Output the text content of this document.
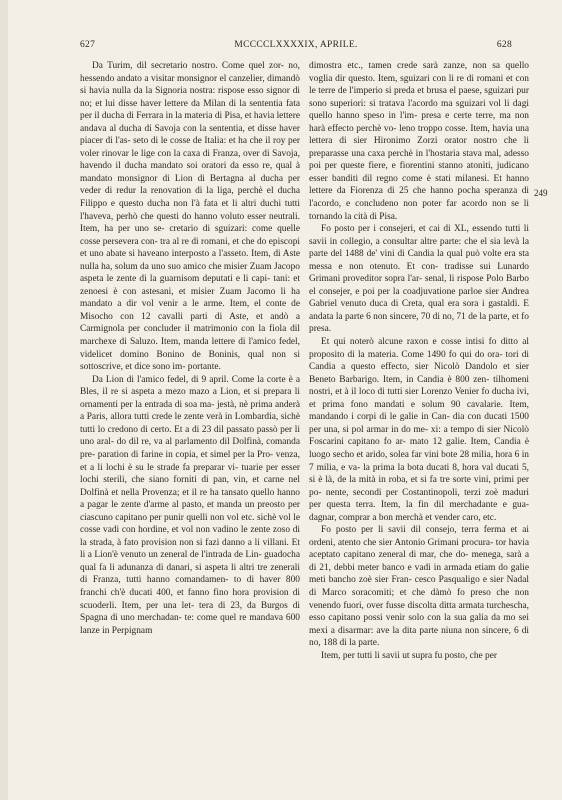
627	MCCCCLXXXXIX, APRILE.	628

Da Turim, dil secretario nostro. Come quel zor- no, hessendo andato a visitar monsignor el canzelier, dimandò si havia nulla da la Signoria nostra: rispose esso signor di no; et lui disse haver lettere da Milan di la sententia fata per il ducha di Ferrara in la materia di Pisa, et havia lettere andava al ducha di Savoja con la sententia, et disse haver piacer di l'as- seto di le cosse de Italia: et ha che il roy per voler rinovar le lige con la caxa di Franza, over di Savoja, havendo il ducha mandato soi oratori da esso re, qual à mandato monsignor di Lion di Bertagna al ducha per veder di redur la renovation di la liga, perchè el ducha Filippo e questo ducha non l'à fata et li altri duchi tutti l'haveva, perhò che questi do hanno voluto esser neutrali. Item, ha per uno se- cretario di sguizari: come quelle cosse persevera con- tra al re di romani, et che do episcopi et uno abate si haveano interposto a l'asseto. Item, di Aste nulla ha, solum da uno suo amico che misier Zuam Jacopo aspeta le zente di la guarnisom deputati e li capi- tani: et zenoesi è con astesani, et misier Zuam Jacomo li ha mandato a dir vol venir a le arme. Item, el conte de Misocho con 12 cavalli parti di Aste, et andò a Carmignola per concluder il matrimonio con la fiola dil marchexe di Saluzo. Item, manda lettere di l'amico fedel, videlicet domino Bonino de Boninis, qual non si sottoscrive, et dice sono im- portante.

Da Lion di l'amico fedel, di 9 april. Come la corte è a Bles, il re si aspeta a mezo mazo a Lion, et si prepara li ornamenti per la entrada di soa ma- jestà, nè prima anderà a Paris, allora tutti crede le zente verà in Lombardia, sichè tutti lo credono di certo. Et a di 23 dil passato passò per li uno aral- do dil re, va al parlamento dil Dolfinà, comanda pre- paration di farine in copia, et simel per la Pro- venza, et a li lochi è su le strade fa preparar vi- tuarie per esser lochi sterili, che siano forniti di pan, vin, et carne nel Dolfinà et nella Provenza; et il re ha tansato quello hanno a pagar le zente d'arme al pasto, et manda un preosto per ciascuno capitano per punir quelli non vol etc. sichè vol le cosse vadi con hordine, et vol non vadino le zente zoso di la strada, à fato provision non si fazi danno a li villani. Et li a Lion'è venuto un zeneral de l'intrada de Lin- guadocha qual fa li adunanza di danari, si aspeta li altri tre zenerali di Franza, tutti hanno comandamen- to di haver 800 franchi ch'è ducati 400, et fanno fino hora provision di scuoderli. Item, per una let- tera di 23, da Burgos di Spagna di uno merchadan- te: come quel re mandava 600 lanze in Perpignam

dimostra etc., tamen crede sarà zanze, non sa quello voglia dir questo. Item, sguizari con li re di romani et con le terre de l'imperio si preda et brusa el paese, sguizari pur sono superiori: si tratava l'acordo ma sguizari vol li dagi quello hanno speso in l'im- presa e certe terre, ma non harà effecto perchè vo- leno troppo cosse. Item, havia una lettera di sier Hironimo Zorzi orator nostro che li preparasse una caxa perchè in l'hostaria stava mal, adesso poi per queste fiere, e fiorentini stanno atoniti, judicano esser banditi dil regno come è stati milanesi. Et hanno lettere da Fiorenza di 25 che hanno pocha speranza di l'acordo, e concludeno non poter far acordo non se li tornando la cità di Pisa.

Fo posto per i consejeri, et cai di XL, essendo tutti li savii in collegio, a consultar altre parte: che el sia levà la parte del 1488 de' vini di Candia la qual può volte era sta messa e non otenuto. Et con- tradisse sui Lunardo Grimani proveditor sopra l'ar- senal, li rispose Polo Barbo el consejer, e poi per la coadjuvatione parloe sier Andrea Gabriel venuto duca di Creta, qual era sora i gastaldi. E andata la parte 6 non sincere, 70 di no, 71 de la parte, et fo presa.

Et qui noterò alcune raxon e cosse intisi fo ditto al proposito di la materia. Come 1490 fo qui do ora- tori di Candia a questo effecto, sier Nicolò Dandolo et sier Beneto Barbarigo. Item, in Candia è 800 zen- tilhomeni nostri, et à il loco di tutti sier Lorenzo Venier fo ducha ivi, et prima fono mandati e solum 90 cavalarie. Item, mandando i corpi di le galie in Can- dia con ducati 1500 per una, si pol armar in do me- xi: a tempo di sier Nicolò Foscarini capitano fo ar- mato 12 galie. Item, Candia è luogo secho et arido, solea far vini bote 28 milia, hora 6 in 7 milia, e va- la prima la bota ducati 8, hora val ducati 5, si è là, de la mità in roba, et si fa tre sorte vini, primi per po- nente, secondi per Costantinopoli, terzi zoè maduri per questa terra. Item, la fin dil merchadante e gua- dagnar, comprar a bon merchà et vender caro, etc.

Fo posto per li savii dil consejo, terra ferma et ai ordeni, atento che sier Antonio Grimani procura- tor havia aceptato capitano zeneral di mar, che do- menega, sarà a di 21, debbi meter banco e vadi in armada etiam do galie meti bancho zoè sier Fran- cesco Pasqualigo e sier Nadal di Marco soracomiti; et che dàmò fo preso che non venendo fuori, over fusse discolta ditta armata turchescha, esso capitano possi venir solo con la sua galia da mo sei mexi a disarmar: ave la dita parte niuna non sincere, 6 di no, 188 di la parte.

Item, per tutti li savii ut supra fu posto, che per

249
